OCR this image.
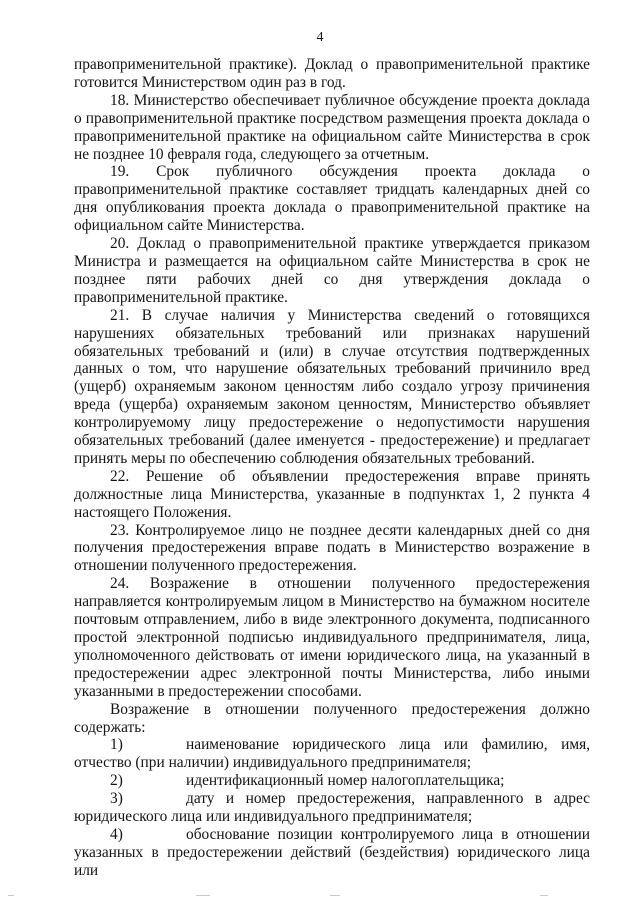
4

правоприменительной практике). Доклад о правоприменительной практике готовится Министерством один раз в год.

18. Министерство обеспечивает публичное обсуждение проекта доклада о правоприменительной практике посредством размещения проекта доклада о правоприменительной практике на официальном сайте Министерства в срок не позднее 10 февраля года, следующего за отчетным.

19. Срок публичного обсуждения проекта доклада о правоприменительной практике составляет тридцать календарных дней со дня опубликования проекта доклада о правоприменительной практике на официальном сайте Министерства.

20. Доклад о правоприменительной практике утверждается приказом Министра и размещается на официальном сайте Министерства в срок не позднее пяти рабочих дней со дня утверждения доклада о правоприменительной практике.

21. В случае наличия у Министерства сведений о готовящихся нарушениях обязательных требований или признаках нарушений обязательных требований и (или) в случае отсутствия подтвержденных данных о том, что нарушение обязательных требований причинило вред (ущерб) охраняемым законом ценностям либо создало угрозу причинения вреда (ущерба) охраняемым законом ценностям, Министерство объявляет контролируемому лицу предостережение о недопустимости нарушения обязательных требований (далее именуется - предостережение) и предлагает принять меры по обеспечению соблюдения обязательных требований.

22. Решение об объявлении предостережения вправе принять должностные лица Министерства, указанные в подпунктах 1, 2 пункта 4 настоящего Положения.

23. Контролируемое лицо не позднее десяти календарных дней со дня получения предостережения вправе подать в Министерство возражение в отношении полученного предостережения.

24. Возражение в отношении полученного предостережения направляется контролируемым лицом в Министерство на бумажном носителе почтовым отправлением, либо в виде электронного документа, подписанного простой электронной подписью индивидуального предпринимателя, лица, уполномоченного действовать от имени юридического лица, на указанный в предостережении адрес электронной почты Министерства, либо иными указанными в предостережении способами.

Возражение в отношении полученного предостережения должно содержать:

1)	наименование юридического лица или фамилию, имя, отчество (при наличии) индивидуального предпринимателя;

2)	идентификационный номер налогоплательщика;

3)	дату и номер предостережения, направленного в адрес юридического лица или индивидуального предпринимателя;

4)	обоснование позиции контролируемого лица в отношении указанных в предостережении действий (бездействия) юридического лица или
